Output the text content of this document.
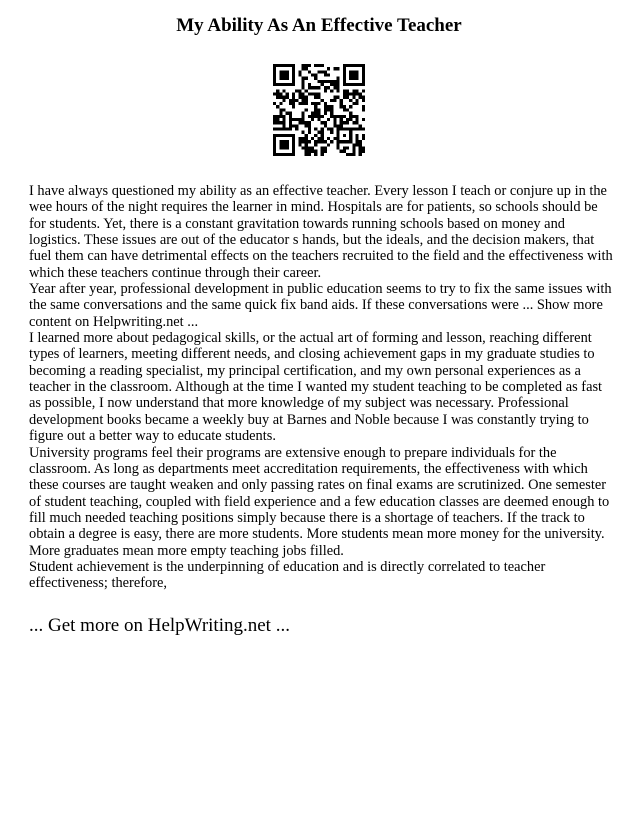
My Ability As An Effective Teacher

I have always questioned my ability as an effective teacher. Every lesson I teach or conjure up in the wee hours of the night requires the learner in mind. Hospitals are for patients, so schools should be for students. Yet, there is a constant gravitation towards running schools based on money and logistics. These issues are out of the educator s hands, but the ideals, and the decision makers, that fuel them can have detrimental effects on the teachers recruited to the field and the effectiveness with which these teachers continue through their career.

Year after year, professional development in public education seems to try to fix the same issues with the same conversations and the same quick fix band aids. If these conversations were ... Show more content on Helpwriting.net ...

I learned more about pedagogical skills, or the actual art of forming and lesson, reaching different types of learners, meeting different needs, and closing achievement gaps in my graduate studies to becoming a reading specialist, my principal certification, and my own personal experiences as a teacher in the classroom. Although at the time I wanted my student teaching to be completed as fast as possible, I now understand that more knowledge of my subject was necessary. Professional development books became a weekly buy at Barnes and Noble because I was constantly trying to figure out a better way to educate students.

University programs feel their programs are extensive enough to prepare individuals for the classroom. As long as departments meet accreditation requirements, the effectiveness with which these courses are taught weaken and only passing rates on final exams are scrutinized. One semester of student teaching, coupled with field experience and a few education classes are deemed enough to fill much needed teaching positions simply because there is a shortage of teachers. If the track to obtain a degree is easy, there are more students. More students mean more money for the university. More graduates mean more empty teaching jobs filled.

Student achievement is the underpinning of education and is directly correlated to teacher effectiveness; therefore,

... Get more on HelpWriting.net ...
